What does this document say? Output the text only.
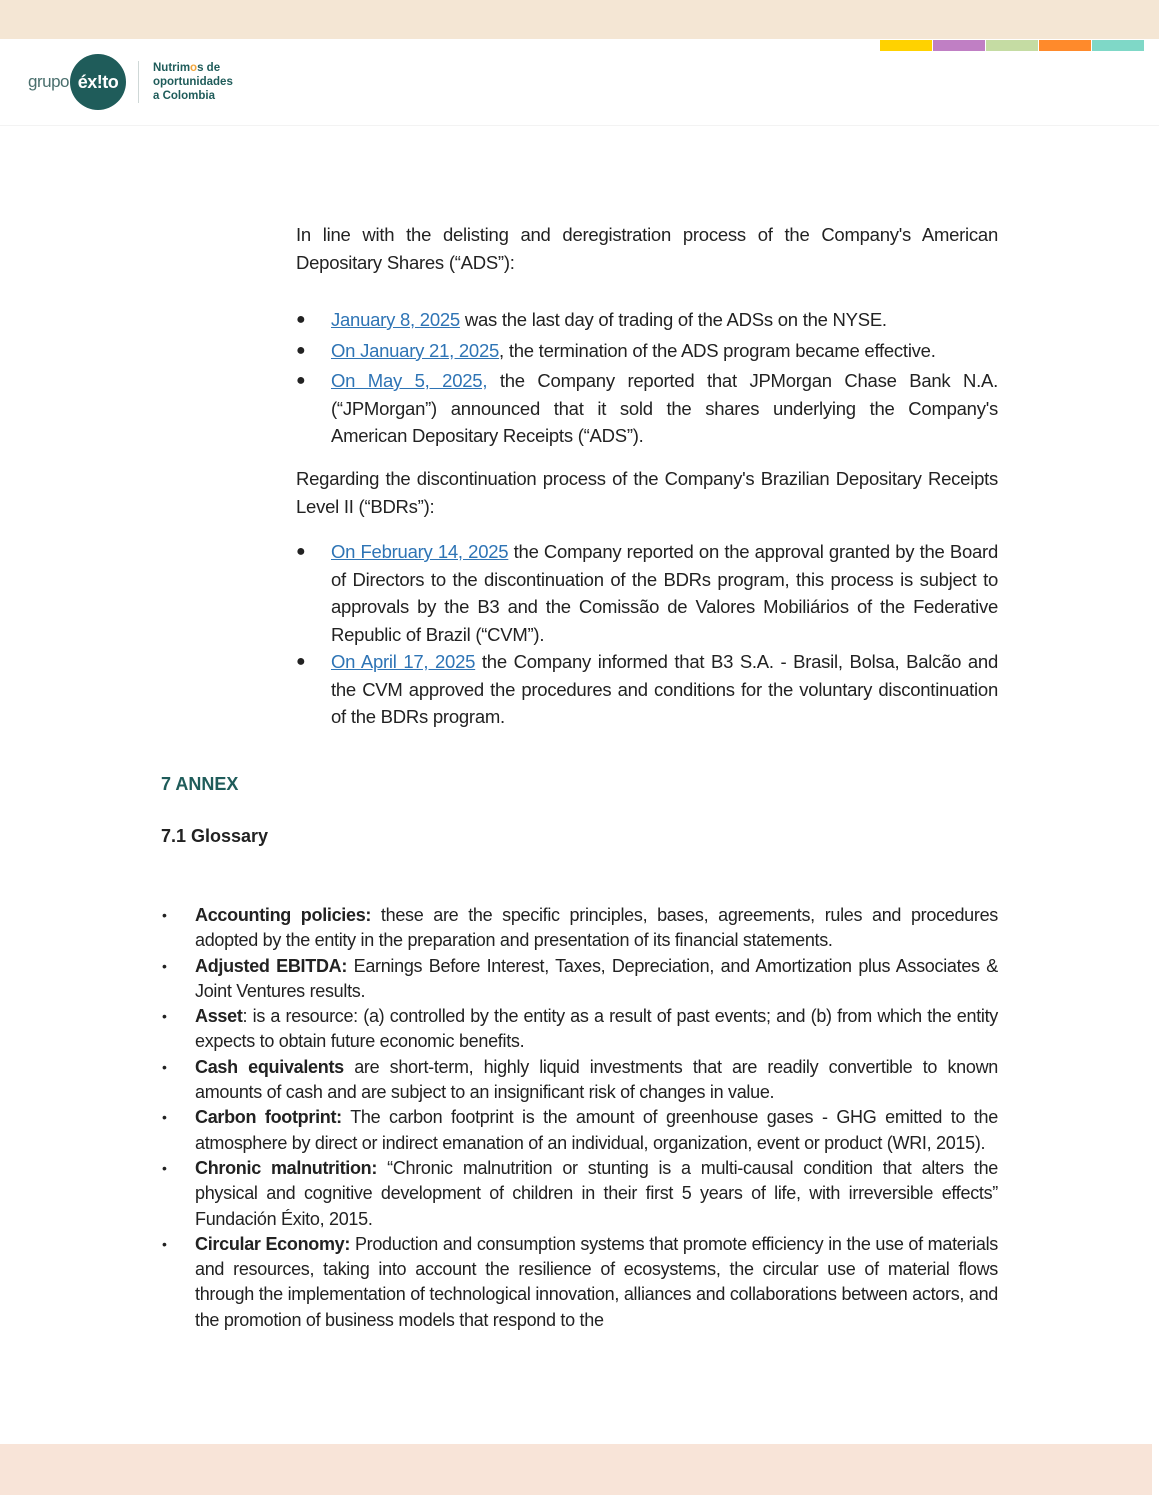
grupo éx!to
Nutrimos de
oportunidades
a Colombia

In line with the delisting and deregistration process of the Company's American Depositary Shares (“ADS”):

● January 8, 2025 was the last day of trading of the ADSs on the NYSE.
● On January 21, 2025, the termination of the ADS program became effective.
● On May 5, 2025, the Company reported that JPMorgan Chase Bank N.A. (“JPMorgan”) announced that it sold the shares underlying the Company's American Depositary Receipts (“ADS”).

Regarding the discontinuation process of the Company's Brazilian Depositary Receipts Level II (“BDRs”):

● On February 14, 2025 the Company reported on the approval granted by the Board of Directors to the discontinuation of the BDRs program, this process is subject to approvals by the B3 and the Comissão de Valores Mobiliários of the Federative Republic of Brazil (“CVM”).
● On April 17, 2025 the Company informed that B3 S.A. - Brasil, Bolsa, Balcão and the CVM approved the procedures and conditions for the voluntary discontinuation of the BDRs program.
7 ANNEX
7.1 Glossary
• Accounting policies: these are the specific principles, bases, agreements, rules and procedures adopted by the entity in the preparation and presentation of its financial statements.
• Adjusted EBITDA: Earnings Before Interest, Taxes, Depreciation, and Amortization plus Associates & Joint Ventures results.
• Asset: is a resource: (a) controlled by the entity as a result of past events; and (b) from which the entity expects to obtain future economic benefits.
• Cash equivalents are short-term, highly liquid investments that are readily convertible to known amounts of cash and are subject to an insignificant risk of changes in value.
• Carbon footprint: The carbon footprint is the amount of greenhouse gases - GHG emitted to the atmosphere by direct or indirect emanation of an individual, organization, event or product (WRI, 2015).
• Chronic malnutrition: “Chronic malnutrition or stunting is a multi-causal condition that alters the physical and cognitive development of children in their first 5 years of life, with irreversible effects” Fundación Éxito, 2015.
• Circular Economy: Production and consumption systems that promote efficiency in the use of materials and resources, taking into account the resilience of ecosystems, the circular use of material flows through the implementation of technological innovation, alliances and collaborations between actors, and the promotion of business models that respond to the
